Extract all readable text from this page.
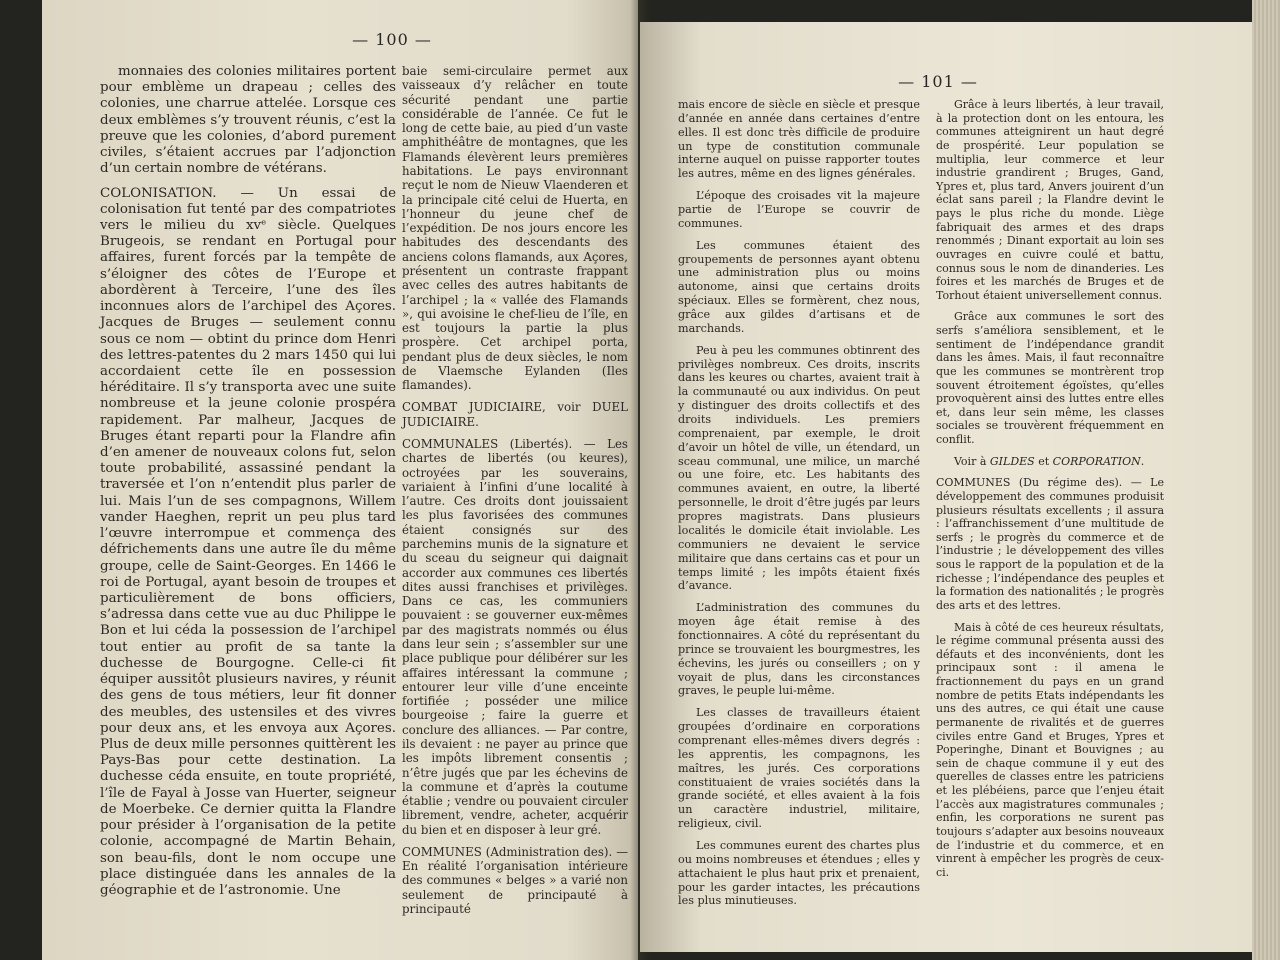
— 100 —

monnaies des colonies militaires portent pour emblème un drapeau ; celles des colonies, une charrue attelée. Lorsque ces deux emblèmes s’y trouvent réunis, c’est la preuve que les colonies, d’abord purement civiles, s’étaient accrues par l’adjonction d’un certain nombre de vétérans.

COLONISATION. — Un essai de colonisation fut tenté par des compatriotes vers le milieu du xvᵉ siècle. Quelques Brugeois, se rendant en Portugal pour affaires, furent forcés par la tempête de s’éloigner des côtes de l’Europe et abordèrent à Terceire, l’une des îles inconnues alors de l’archipel des Açores. Jacques de Bruges — seulement connu sous ce nom — obtint du prince dom Henri des lettres-patentes du 2 mars 1450 qui lui accordaient cette île en possession héréditaire. Il s’y transporta avec une suite nombreuse et la jeune colonie prospéra rapidement. Par malheur, Jacques de Bruges étant reparti pour la Flandre afin d’en amener de nouveaux colons fut, selon toute probabilité, assassiné pendant la traversée et l’on n’entendit plus parler de lui. Mais l’un de ses compagnons, Willem vander Haeghen, reprit un peu plus tard l’œuvre interrompue et commença des défrichements dans une autre île du même groupe, celle de Saint-Georges. En 1466 le roi de Portugal, ayant besoin de troupes et particulièrement de bons officiers, s’adressa dans cette vue au duc Philippe le Bon et lui céda la possession de l’archipel tout entier au profit de sa tante la duchesse de Bourgogne. Celle-ci fit équiper aussitôt plusieurs navires, y réunit des gens de tous métiers, leur fit donner des meubles, des ustensiles et des vivres pour deux ans, et les envoya aux Açores. Plus de deux mille personnes quittèrent les Pays-Bas pour cette destination. La duchesse céda ensuite, en toute propriété, l’île de Fayal à Josse van Huerter, seigneur de Moerbeke. Ce dernier quitta la Flandre pour présider à l’organisation de la petite colonie, accompagné de Martin Behain, son beau-fils, dont le nom occupe une place distinguée dans les annales de la géographie et de l’astronomie. Une

baie semi-circulaire permet aux vaisseaux d’y relâcher en toute sécurité pendant une partie considérable de l’année. Ce fut le long de cette baie, au pied d’un vaste amphithéâtre de montagnes, que les Flamands élevèrent leurs premières habitations. Le pays environnant reçut le nom de Nieuw Vlaenderen et la principale cité celui de Huerta, en l’honneur du jeune chef de l’expédition. De nos jours encore les habitudes des descendants des anciens colons flamands, aux Açores, présentent un contraste frappant avec celles des autres habitants de l’archipel ; la « vallée des Flamands », qui avoisine le chef-lieu de l’île, en est toujours la partie la plus prospère. Cet archipel porta, pendant plus de deux siècles, le nom de Vlaemsche Eylanden (Iles flamandes).

COMBAT JUDICIAIRE, voir DUEL JUDICIAIRE.

COMMUNALES (Libertés). — Les chartes de libertés (ou keures), octroyées par les souverains, variaient à l’infini d’une localité à l’autre. Ces droits dont jouissaient les plus favorisées des communes étaient consignés sur des parchemins munis de la signature et du sceau du seigneur qui daignait accorder aux communes ces libertés dites aussi franchises et privilèges. Dans ce cas, les communiers pouvaient : se gouverner eux-mêmes par des magistrats nommés ou élus dans leur sein ; s’assembler sur une place publique pour délibérer sur les affaires intéressant la commune ; entourer leur ville d’une enceinte fortifiée ; posséder une milice bourgeoise ; faire la guerre et conclure des alliances. — Par contre, ils devaient : ne payer au prince que les impôts librement consentis ; n’être jugés que par les échevins de la commune et d’après la coutume établie ; vendre ou pouvaient circuler librement, vendre, acheter, acquérir du bien et en disposer à leur gré.

COMMUNES (Administration des). — En réalité l’organisation intérieure des communes « belges » a varié non seulement de principauté à principauté

— 101 —

mais encore de siècle en siècle et presque d’année en année dans certaines d’entre elles. Il est donc très difficile de produire un type de constitution communale interne auquel on puisse rapporter toutes les autres, même en des lignes générales.

L’époque des croisades vit la majeure partie de l’Europe se couvrir de communes.

Les communes étaient des groupements de personnes ayant obtenu une administration plus ou moins autonome, ainsi que certains droits spéciaux. Elles se formèrent, chez nous, grâce aux gildes d’artisans et de marchands.

Peu à peu les communes obtinrent des privilèges nombreux. Ces droits, inscrits dans les keures ou chartes, avaient trait à la communauté ou aux individus. On peut y distinguer des droits collectifs et des droits individuels. Les premiers comprenaient, par exemple, le droit d’avoir un hôtel de ville, un étendard, un sceau communal, une milice, un marché ou une foire, etc. Les habitants des communes avaient, en outre, la liberté personnelle, le droit d’être jugés par leurs propres magistrats. Dans plusieurs localités le domicile était inviolable. Les communiers ne devaient le service militaire que dans certains cas et pour un temps limité ; les impôts étaient fixés d’avance.

L’administration des communes du moyen âge était remise à des fonctionnaires. A côté du représentant du prince se trouvaient les bourgmestres, les échevins, les jurés ou conseillers ; on y voyait de plus, dans les circonstances graves, le peuple lui-même.

Les classes de travailleurs étaient groupées d’ordinaire en corporations comprenant elles-mêmes divers degrés : les apprentis, les compagnons, les maîtres, les jurés. Ces corporations constituaient de vraies sociétés dans la grande société, et elles avaient à la fois un caractère industriel, militaire, religieux, civil.

Les communes eurent des chartes plus ou moins nombreuses et étendues ; elles y attachaient le plus haut prix et prenaient, pour les garder intactes, les précautions les plus minutieuses.

Grâce à leurs libertés, à leur travail, à la protection dont on les entoura, les communes atteignirent un haut degré de prospérité. Leur population se multiplia, leur commerce et leur industrie grandirent ; Bruges, Gand, Ypres et, plus tard, Anvers jouirent d’un éclat sans pareil ; la Flandre devint le pays le plus riche du monde. Liège fabriquait des armes et des draps renommés ; Dinant exportait au loin ses ouvrages en cuivre coulé et battu, connus sous le nom de dinanderies. Les foires et les marchés de Bruges et de Torhout étaient universellement connus.

Grâce aux communes le sort des serfs s’améliora sensiblement, et le sentiment de l’indépendance grandit dans les âmes. Mais, il faut reconnaître que les communes se montrèrent trop souvent étroitement égoïstes, qu’elles provoquèrent ainsi des luttes entre elles et, dans leur sein même, les classes sociales se trouvèrent fréquemment en conflit.

Voir à GILDES et CORPORATION.

COMMUNES (Du régime des). — Le développement des communes produisit plusieurs résultats excellents ; il assura : l’affranchissement d’une multitude de serfs ; le progrès du commerce et de l’industrie ; le développement des villes sous le rapport de la population et de la richesse ; l’indépendance des peuples et la formation des nationalités ; le progrès des arts et des lettres.

Mais à côté de ces heureux résultats, le régime communal présenta aussi des défauts et des inconvénients, dont les principaux sont : il amena le fractionnement du pays en un grand nombre de petits Etats indépendants les uns des autres, ce qui était une cause permanente de rivalités et de guerres civiles entre Gand et Bruges, Ypres et Poperinghe, Dinant et Bouvignes ; au sein de chaque commune il y eut des querelles de classes entre les patriciens et les plébéiens, parce que l’enjeu était l’accès aux magistratures communales ; enfin, les corporations ne surent pas toujours s’adapter aux besoins nouveaux de l’industrie et du commerce, et en vinrent à empêcher les progrès de ceux-ci.
